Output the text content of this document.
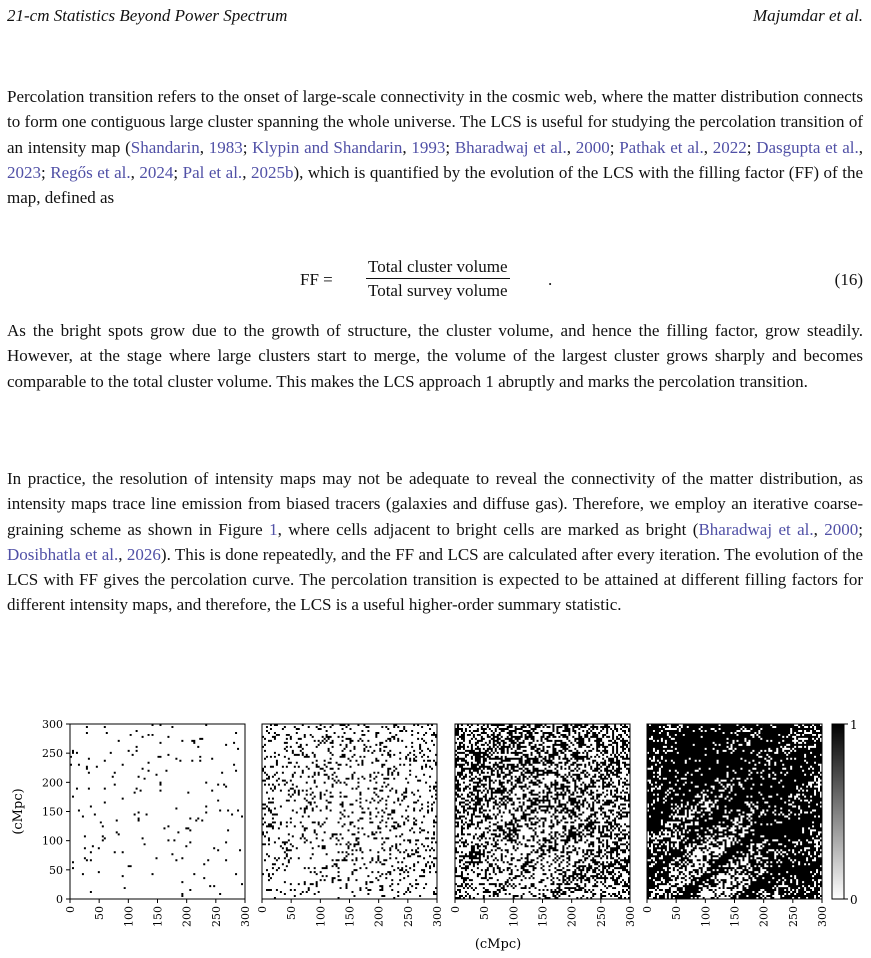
21-cm Statistics Beyond Power Spectrum	Majumdar et al.
Percolation transition refers to the onset of large-scale connectivity in the cosmic web, where the matter distribution connects to form one contiguous large cluster spanning the whole universe. The LCS is useful for studying the percolation transition of an intensity map (Shandarin, 1983; Klypin and Shandarin, 1993; Bharadwaj et al., 2000; Pathak et al., 2022; Dasgupta et al., 2023; Regős et al., 2024; Pal et al., 2025b), which is quantified by the evolution of the LCS with the filling factor (FF) of the map, defined as
FF =
Total cluster volume
Total survey volume
.	(16)
As the bright spots grow due to the growth of structure, the cluster volume, and hence the filling factor, grow steadily. However, at the stage where large clusters start to merge, the volume of the largest cluster grows sharply and becomes comparable to the total cluster volume. This makes the LCS approach 1 abruptly and marks the percolation transition.
In practice, the resolution of intensity maps may not be adequate to reveal the connectivity of the matter distribution, as intensity maps trace line emission from biased tracers (galaxies and diffuse gas). Therefore, we employ an iterative coarse-graining scheme as shown in Figure 1, where cells adjacent to bright cells are marked as bright (Bharadwaj et al., 2000; Dosibhatla et al., 2026). This is done repeatedly, and the FF and LCS are calculated after every iteration. The evolution of the LCS with FF gives the percolation curve. The percolation transition is expected to be attained at different filling factors for different intensity maps, and therefore, the LCS is a useful higher-order summary statistic.
0 50 100 150 200 250 300 0 50 100 150 200 250 300 0 50 100 150 200 250 300 0 50 100 150 200 250 300
0
50
100
150
200
250
300
(cMpc)
(cMpc)
1
0
